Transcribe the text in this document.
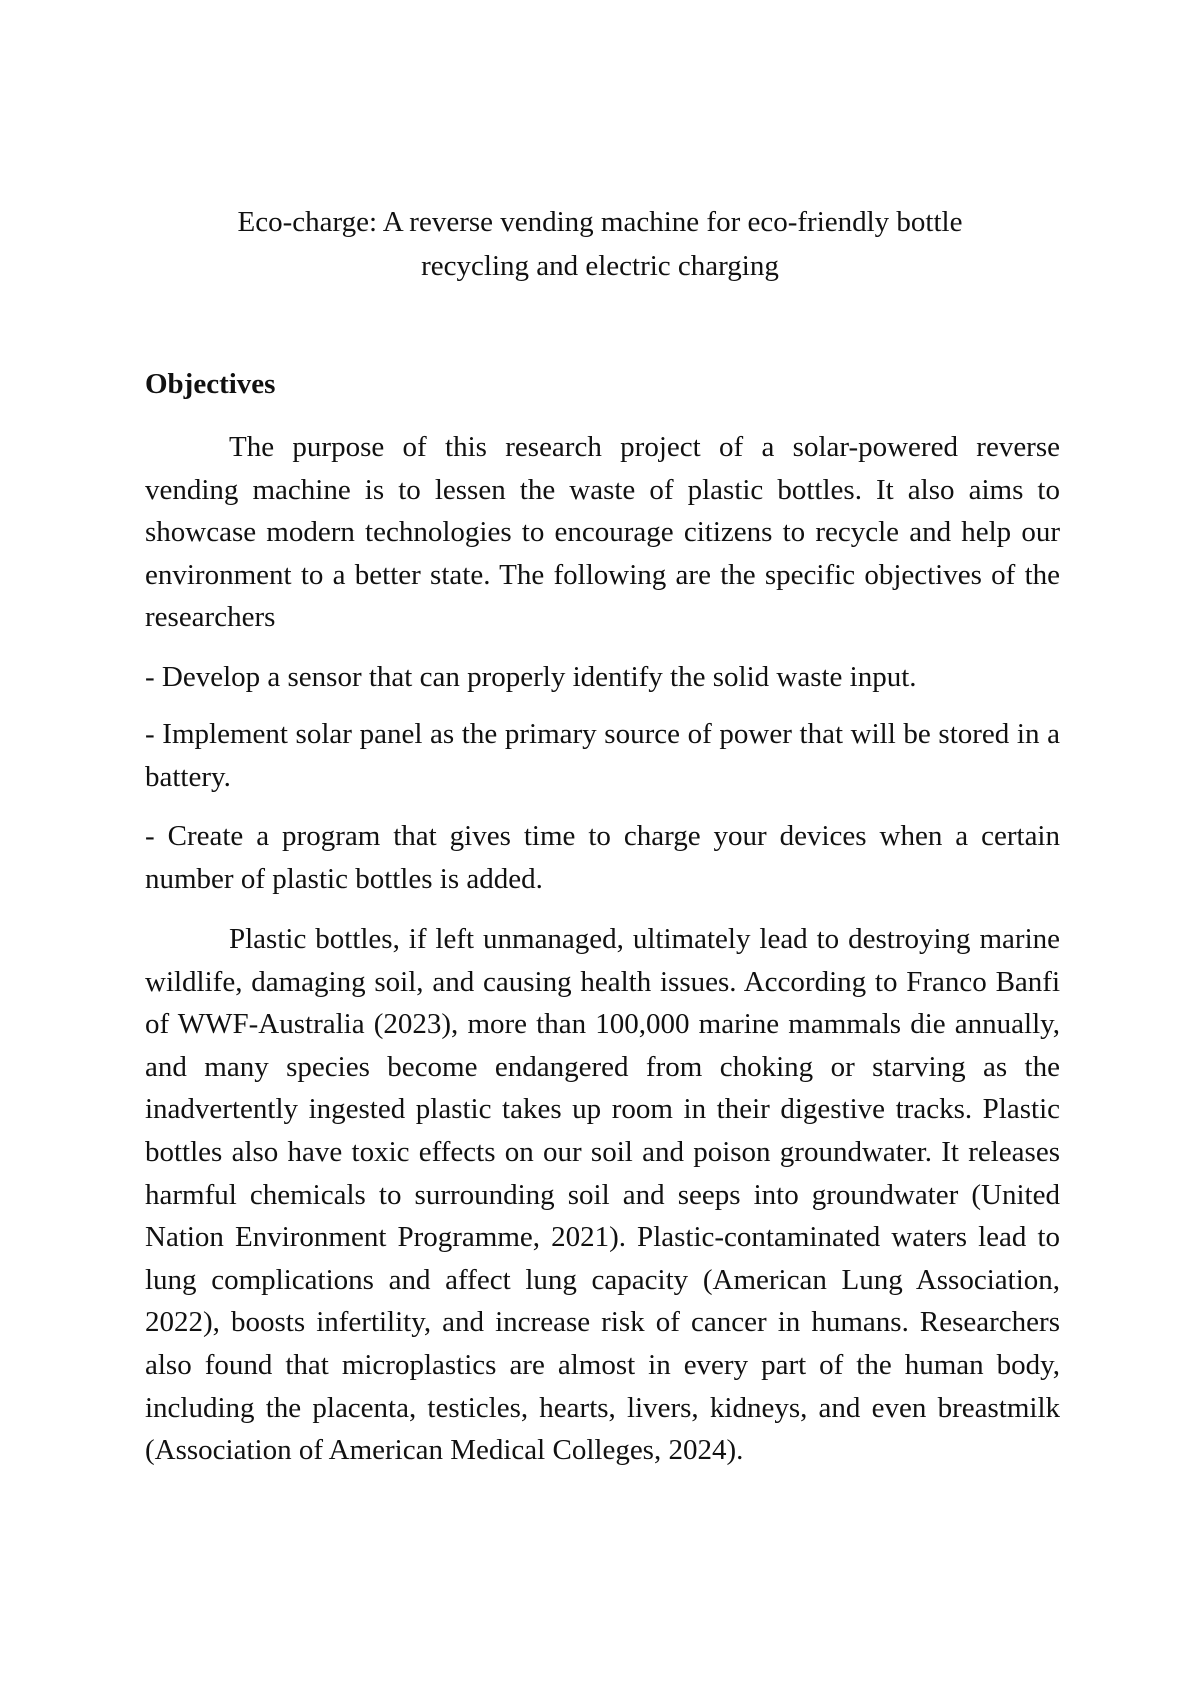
Eco-charge: A reverse vending machine for eco-friendly bottle
recycling and electric charging
Objectives

The purpose of this research project of a solar-powered reverse vending machine is to lessen the waste of plastic bottles. It also aims to showcase modern technologies to encourage citizens to recycle and help our environment to a better state. The following are the specific objectives of the researchers

- Develop a sensor that can properly identify the solid waste input.

- Implement solar panel as the primary source of power that will be stored in a battery.

- Create a program that gives time to charge your devices when a certain number of plastic bottles is added.

Plastic bottles, if left unmanaged, ultimately lead to destroying marine wildlife, damaging soil, and causing health issues. According to Franco Banfi of WWF-Australia (2023), more than 100,000 marine mammals die annually, and many species become endangered from choking or starving as the inadvertently ingested plastic takes up room in their digestive tracks. Plastic bottles also have toxic effects on our soil and poison groundwater. It releases harmful chemicals to surrounding soil and seeps into groundwater (United Nation Environment Programme, 2021). Plastic-contaminated waters lead to lung complications and affect lung capacity (American Lung Association, 2022), boosts infertility, and increase risk of cancer in humans. Researchers also found that microplastics are almost in every part of the human body, including the placenta, testicles, hearts, livers, kidneys, and even breastmilk (Association of American Medical Colleges, 2024).
